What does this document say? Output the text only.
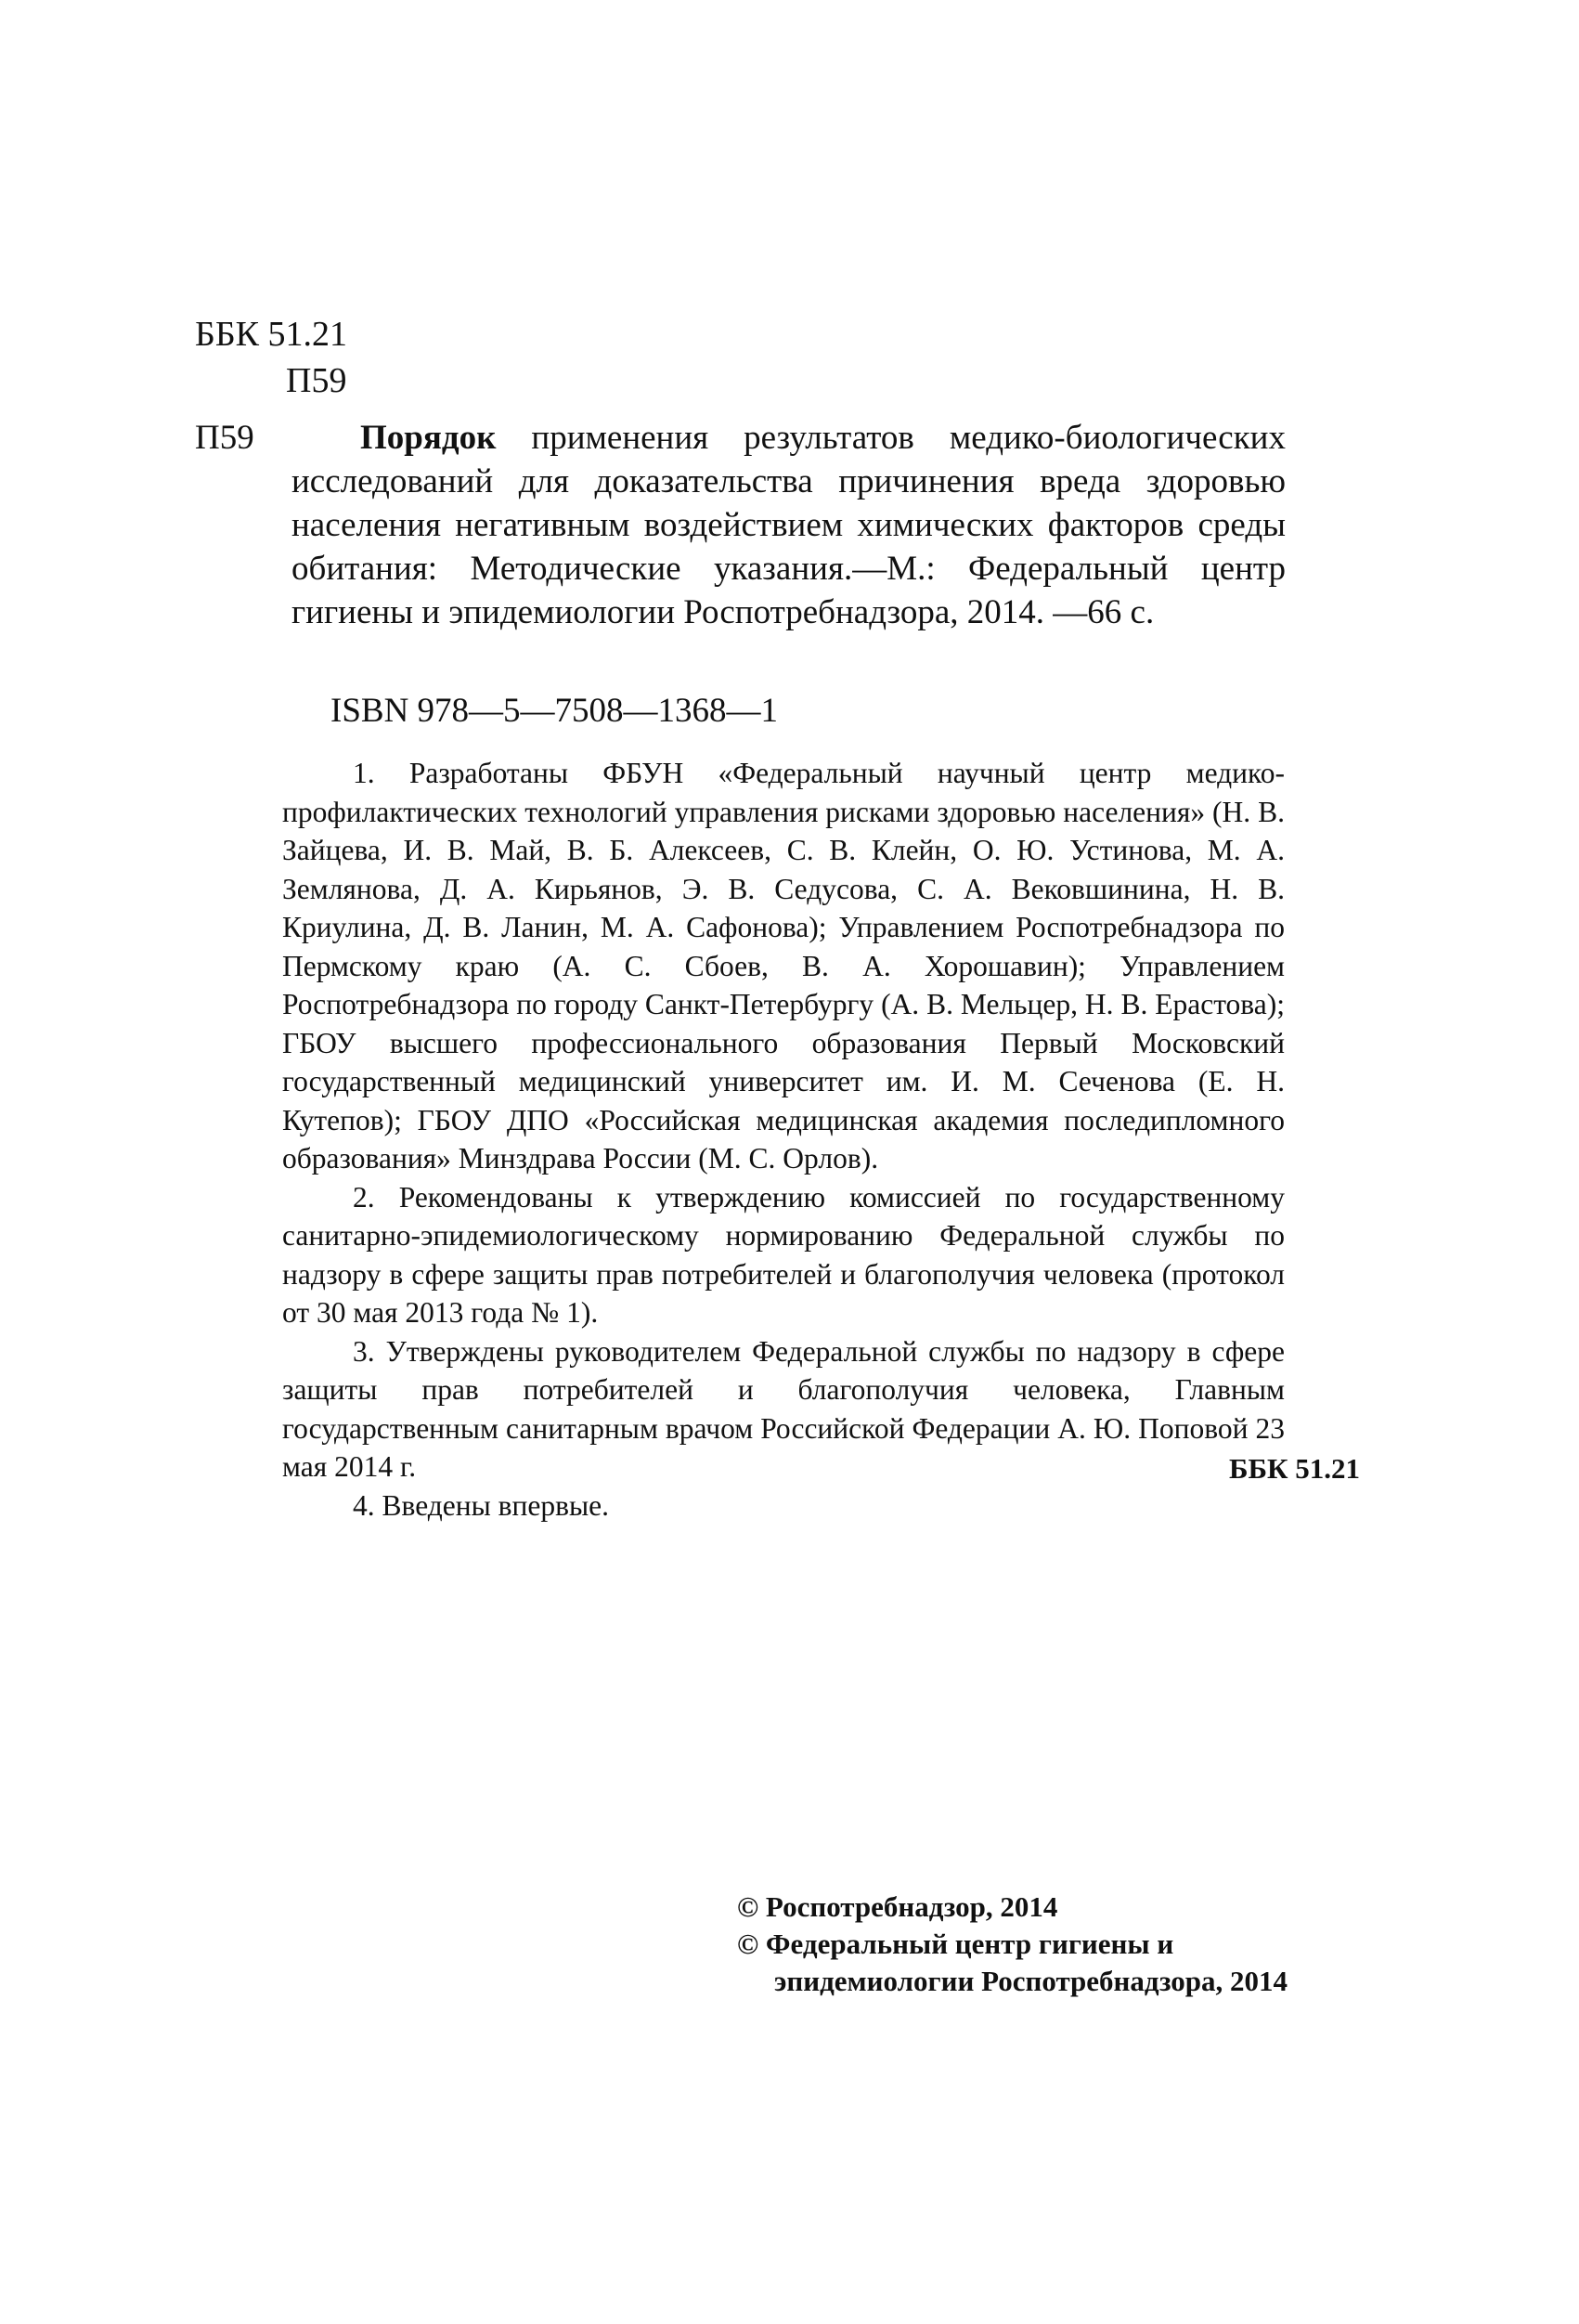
ББК 51.21
П59
П59	Порядок применения результатов медико-биологических исследований для доказательства причинения вреда здоровью населения негативным воздействием химических факторов среды обитания: Методические указания.—М.: Федеральный центр гигиены и эпидемиологии Роспотребнадзора, 2014. —66 с.
ISBN 978—5—7508—1368—1

1. Разработаны ФБУН «Федеральный научный центр медико-профилактических технологий управления рисками здоровью населения» (Н. В. Зайцева, И. В. Май, В. Б. Алексеев, С. В. Клейн, О. Ю. Устинова, М. А. Землянова, Д. А. Кирьянов, Э. В. Седусова, С. А. Вековшинина, Н. В. Криулина, Д. В. Ланин, М. А. Сафонова); Управлением Роспотребнадзора по Пермскому краю (А. С. Сбоев, В. А. Хорошавин); Управлением Роспотребнадзора по городу Санкт-Петербургу (А. В. Мельцер, Н. В. Ерастова); ГБОУ высшего профессионального образования Первый Московский государственный медицинский университет им. И. М. Сеченова (Е. Н. Кутепов); ГБОУ ДПО «Российская медицинская академия последипломного образования» Минздрава России (М. С. Орлов).

2. Рекомендованы к утверждению комиссией по государственному санитарно-эпидемиологическому нормированию Федеральной службы по надзору в сфере защиты прав потребителей и благополучия человека (протокол от 30 мая 2013 года № 1).

3. Утверждены руководителем Федеральной службы по надзору в сфере защиты прав потребителей и благополучия человека, Главным государственным санитарным врачом Российской Федерации А. Ю. Поповой 23 мая 2014 г.

4. Введены впервые.

ББК 51.21
© Роспотребнадзор, 2014
© Федеральный центр гигиены и
эпидемиологии Роспотребнадзора, 2014
